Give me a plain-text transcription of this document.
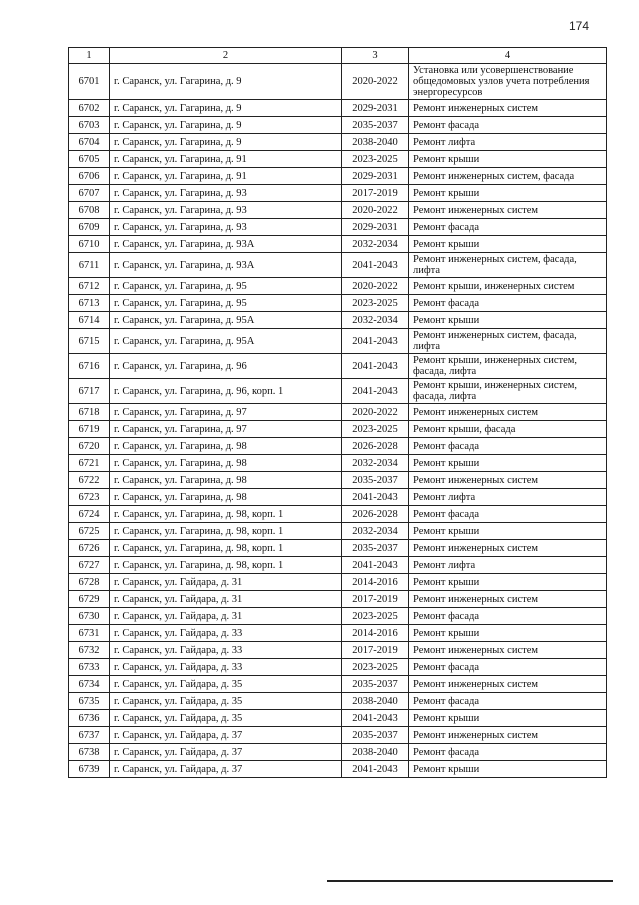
174
1	2	3	4
6701	г. Саранск, ул. Гагарина, д. 9	2020-2022	Установка или усовершенствование общедомовых узлов учета потребления энергоресурсов
6702	г. Саранск, ул. Гагарина, д. 9	2029-2031	Ремонт инженерных систем
6703	г. Саранск, ул. Гагарина, д. 9	2035-2037	Ремонт фасада
6704	г. Саранск, ул. Гагарина, д. 9	2038-2040	Ремонт лифта
6705	г. Саранск, ул. Гагарина, д. 91	2023-2025	Ремонт крыши
6706	г. Саранск, ул. Гагарина, д. 91	2029-2031	Ремонт инженерных систем, фасада
6707	г. Саранск, ул. Гагарина, д. 93	2017-2019	Ремонт крыши
6708	г. Саранск, ул. Гагарина, д. 93	2020-2022	Ремонт инженерных систем
6709	г. Саранск, ул. Гагарина, д. 93	2029-2031	Ремонт фасада
6710	г. Саранск, ул. Гагарина, д. 93А	2032-2034	Ремонт крыши
6711	г. Саранск, ул. Гагарина, д. 93А	2041-2043	Ремонт инженерных систем, фасада, лифта
6712	г. Саранск, ул. Гагарина, д. 95	2020-2022	Ремонт крыши, инженерных систем
6713	г. Саранск, ул. Гагарина, д. 95	2023-2025	Ремонт фасада
6714	г. Саранск, ул. Гагарина, д. 95А	2032-2034	Ремонт крыши
6715	г. Саранск, ул. Гагарина, д. 95А	2041-2043	Ремонт инженерных систем, фасада, лифта
6716	г. Саранск, ул. Гагарина, д. 96	2041-2043	Ремонт крыши, инженерных систем, фасада, лифта
6717	г. Саранск, ул. Гагарина, д. 96, корп. 1	2041-2043	Ремонт крыши, инженерных систем, фасада, лифта
6718	г. Саранск, ул. Гагарина, д. 97	2020-2022	Ремонт инженерных систем
6719	г. Саранск, ул. Гагарина, д. 97	2023-2025	Ремонт крыши, фасада
6720	г. Саранск, ул. Гагарина, д. 98	2026-2028	Ремонт фасада
6721	г. Саранск, ул. Гагарина, д. 98	2032-2034	Ремонт крыши
6722	г. Саранск, ул. Гагарина, д. 98	2035-2037	Ремонт инженерных систем
6723	г. Саранск, ул. Гагарина, д. 98	2041-2043	Ремонт лифта
6724	г. Саранск, ул. Гагарина, д. 98, корп. 1	2026-2028	Ремонт фасада
6725	г. Саранск, ул. Гагарина, д. 98, корп. 1	2032-2034	Ремонт крыши
6726	г. Саранск, ул. Гагарина, д. 98, корп. 1	2035-2037	Ремонт инженерных систем
6727	г. Саранск, ул. Гагарина, д. 98, корп. 1	2041-2043	Ремонт лифта
6728	г. Саранск, ул. Гайдара, д. 31	2014-2016	Ремонт крыши
6729	г. Саранск, ул. Гайдара, д. 31	2017-2019	Ремонт инженерных систем
6730	г. Саранск, ул. Гайдара, д. 31	2023-2025	Ремонт фасада
6731	г. Саранск, ул. Гайдара, д. 33	2014-2016	Ремонт крыши
6732	г. Саранск, ул. Гайдара, д. 33	2017-2019	Ремонт инженерных систем
6733	г. Саранск, ул. Гайдара, д. 33	2023-2025	Ремонт фасада
6734	г. Саранск, ул. Гайдара, д. 35	2035-2037	Ремонт инженерных систем
6735	г. Саранск, ул. Гайдара, д. 35	2038-2040	Ремонт фасада
6736	г. Саранск, ул. Гайдара, д. 35	2041-2043	Ремонт крыши
6737	г. Саранск, ул. Гайдара, д. 37	2035-2037	Ремонт инженерных систем
6738	г. Саранск, ул. Гайдара, д. 37	2038-2040	Ремонт фасада
6739	г. Саранск, ул. Гайдара, д. 37	2041-2043	Ремонт крыши
